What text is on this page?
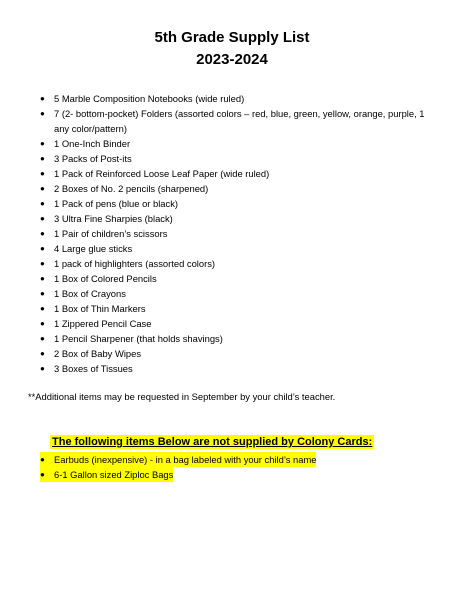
5th Grade Supply List
2023-2024
● 5 Marble Composition Notebooks (wide ruled)
● 7 (2- bottom-pocket) Folders (assorted colors – red, blue, green, yellow, orange, purple, 1 any color/pattern)
● 1 One-Inch Binder
● 3 Packs of Post-its
● 1 Pack of Reinforced Loose Leaf Paper (wide ruled)
● 2 Boxes of No. 2 pencils (sharpened)
● 1 Pack of pens (blue or black)
● 3 Ultra Fine Sharpies (black)
● 1 Pair of children’s scissors
● 4 Large glue sticks
● 1 pack of highlighters (assorted colors)
● 1 Box of Colored Pencils
● 1 Box of Crayons
● 1 Box of Thin Markers
● 1 Zippered Pencil Case
● 1 Pencil Sharpener (that holds shavings)
● 2 Box of Baby Wipes
● 3 Boxes of Tissues
**Additional items may be requested in September by your child’s teacher.
The following items Below are not supplied by Colony Cards:
● Earbuds (inexpensive) - in a bag labeled with your child’s name
● 6-1 Gallon sized Ziploc Bags
